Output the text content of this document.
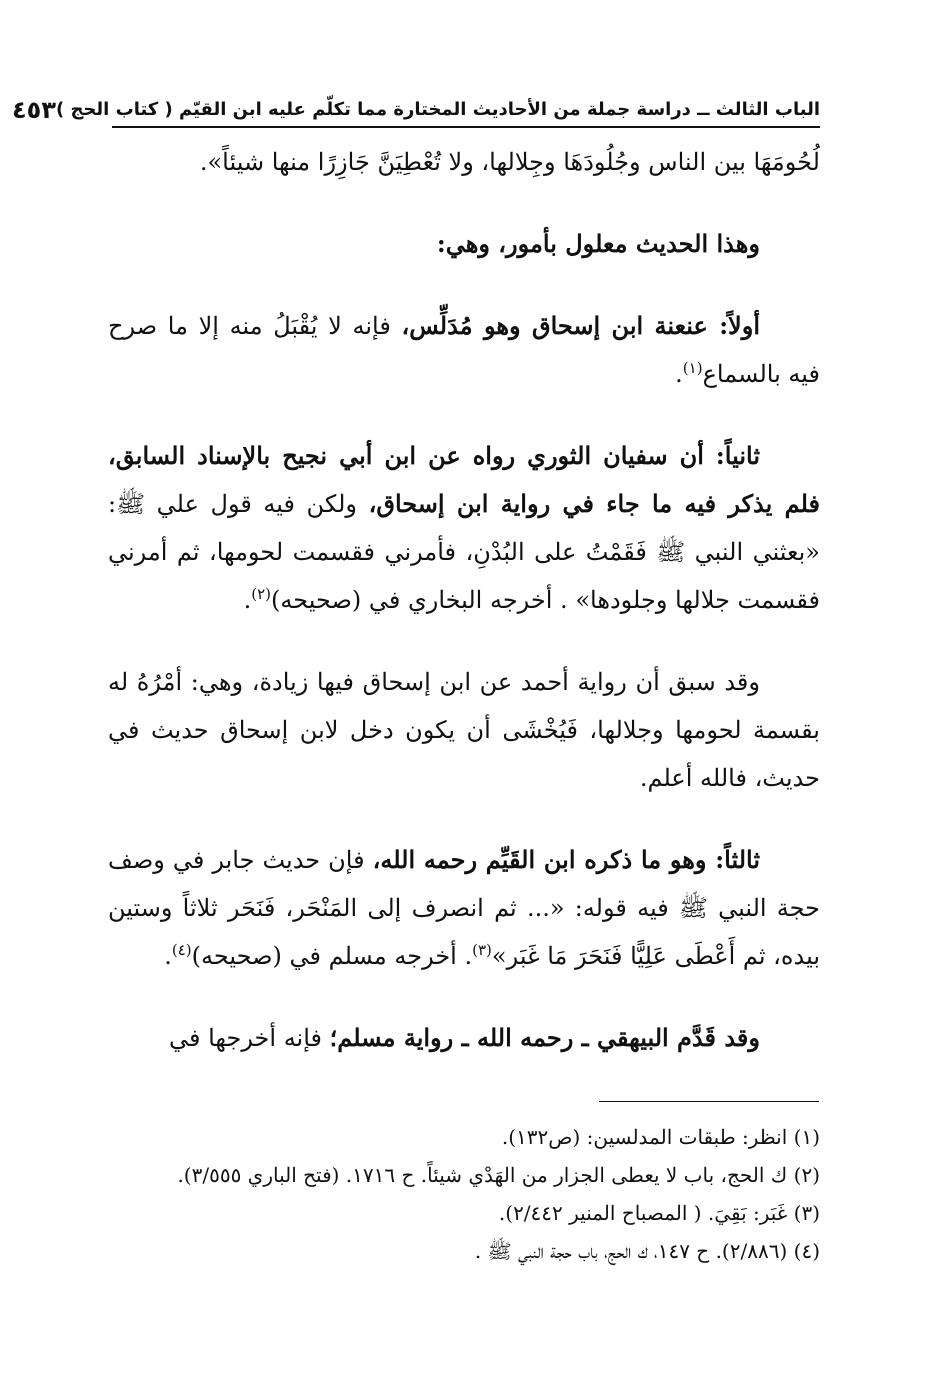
الباب الثالث ــ دراسة جملة من الأحاديث المختارة مما تكلّم عليه ابن القيّم ( كتاب الحج )
٤٥٣

لُحُومَهَا بين الناس وجُلُودَهَا وجِلالها، ولا تُعْطِيَنَّ جَازِرًا منها شيئاً».

وهذا الحديث معلول بأمور، وهي:

أولاً: عنعنة ابن إسحاق وهو مُدَلِّس، فإنه لا يُقْبَلُ منه إلا ما صرح فيه بالسماع$^{(١)}$.

ثانياً: أن سفيان الثوري رواه عن ابن أبي نجيح بالإسناد السابق، فلم يذكر فيه ما جاء في رواية ابن إسحاق، ولكن فيه قول علي ﷺ: «بعثني النبي ﷺ فَقَمْتُ على البُدْنِ، فأمرني فقسمت لحومها، ثم أمرني فقسمت جلالها وجلودها» . أخرجه البخاري في (صحيحه)$^{(٢)}$.

وقد سبق أن رواية أحمد عن ابن إسحاق فيها زيادة، وهي: أمْرُهُ له بقسمة لحومها وجلالها، فَيُخْشَى أن يكون دخل لابن إسحاق حديث في حديث، فالله أعلم.

ثالثاً: وهو ما ذكره ابن القَيِّم رحمه الله، فإن حديث جابر في وصف حجة النبي ﷺ فيه قوله: «... ثم انصرف إلى المَنْحَر، فَنَحَر ثلاثاً وستين بيده، ثم أَعْطَى عَلِيًّا فَنَحَرَ مَا غَبَر»$^{(٣)}$. أخرجه مسلم في (صحيحه)$^{(٤)}$.

وقد قَدَّم البيهقي ـ رحمه الله ـ رواية مسلم؛ فإنه أخرجها في

(١) انظر: طبقات المدلسين: (ص١٣٢).

(٢) ك الحج، باب لا يعطى الجزار من الهَدْي شيئاً. ح ١٧١٦. (فتح الباري ٣/٥٥٥).

(٣) غَبَر: بَقِيَ. ( المصباح المنير ٢/٤٤٢).

(٤) (٢/٨٨٦). ح ١٤٧، ك الحج، باب حجة النبي ﷺ .
